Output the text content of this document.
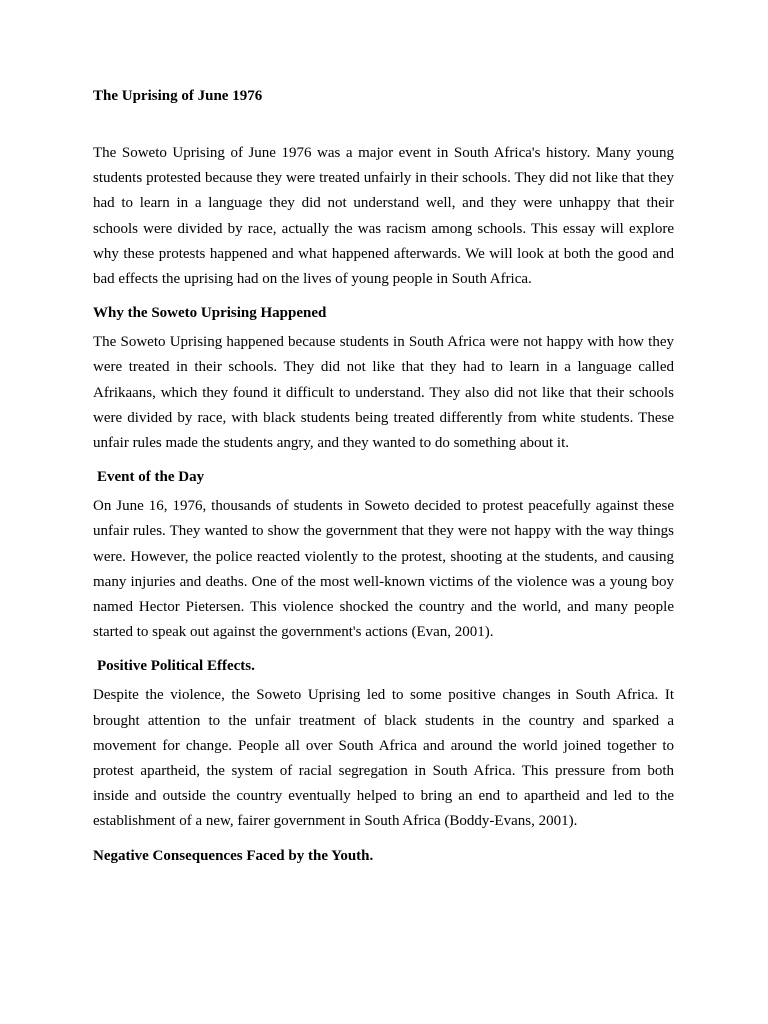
The Uprising of June 1976

The Soweto Uprising of June 1976 was a major event in South Africa's history. Many young students protested because they were treated unfairly in their schools. They did not like that they had to learn in a language they did not understand well, and they were unhappy that their schools were divided by race, actually the was racism among schools. This essay will explore why these protests happened and what happened afterwards. We will look at both the good and bad effects the uprising had on the lives of young people in South Africa.

Why the Soweto Uprising Happened

The Soweto Uprising happened because students in South Africa were not happy with how they were treated in their schools. They did not like that they had to learn in a language called Afrikaans, which they found it difficult to understand. They also did not like that their schools were divided by race, with black students being treated differently from white students. These unfair rules made the students angry, and they wanted to do something about it.

Event of the Day

On June 16, 1976, thousands of students in Soweto decided to protest peacefully against these unfair rules. They wanted to show the government that they were not happy with the way things were. However, the police reacted violently to the protest, shooting at the students, and causing many injuries and deaths. One of the most well-known victims of the violence was a young boy named Hector Pietersen. This violence shocked the country and the world, and many people started to speak out against the government's actions (Evan, 2001).

Positive Political Effects.

Despite the violence, the Soweto Uprising led to some positive changes in South Africa. It brought attention to the unfair treatment of black students in the country and sparked a movement for change. People all over South Africa and around the world joined together to protest apartheid, the system of racial segregation in South Africa. This pressure from both inside and outside the country eventually helped to bring an end to apartheid and led to the establishment of a new, fairer government in South Africa (Boddy-Evans, 2001).

Negative Consequences Faced by the Youth.
